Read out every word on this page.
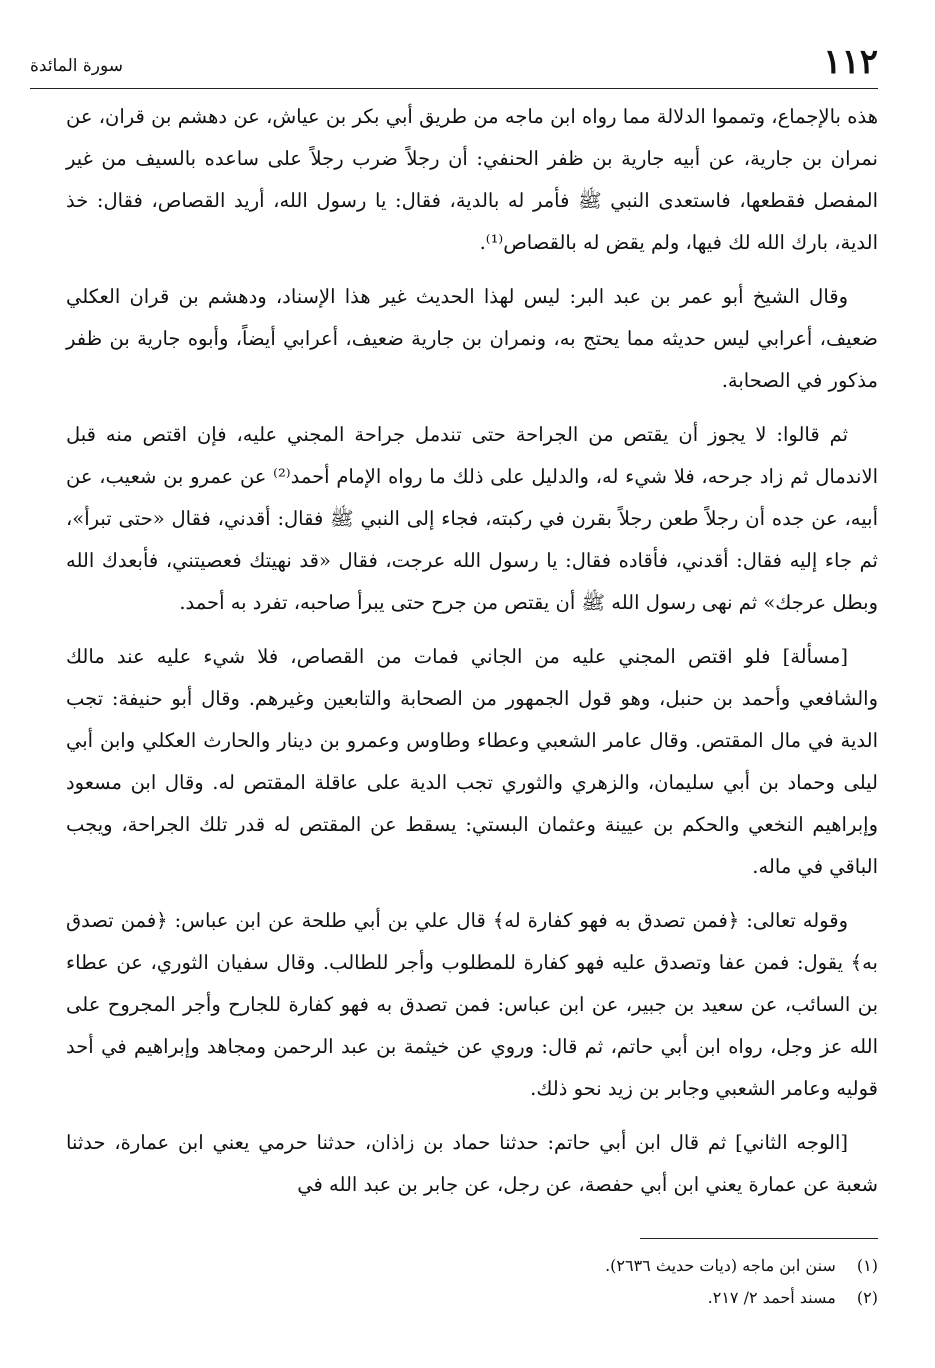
١١٢
سورة المائدة

هذه بالإجماع، وتمموا الدلالة مما رواه ابن ماجه من طريق أبي بكر بن عياش، عن دهشم بن قران، عن نمران بن جارية، عن أبيه جارية بن ظفر الحنفي: أن رجلاً ضرب رجلاً على ساعده بالسيف من غير المفصل فقطعها، فاستعدى النبي ﷺ فأمر له بالدية، فقال: يا رسول الله، أريد القصاص، فقال: خذ الدية، بارك الله لك فيها، ولم يقض له بالقصاص⁽¹⁾.

وقال الشيخ أبو عمر بن عبد البر: ليس لهذا الحديث غير هذا الإسناد، ودهشم بن قران العكلي ضعيف، أعرابي ليس حديثه مما يحتج به، ونمران بن جارية ضعيف، أعرابي أيضاً، وأبوه جارية بن ظفر مذكور في الصحابة.

ثم قالوا: لا يجوز أن يقتص من الجراحة حتى تندمل جراحة المجني عليه، فإن اقتص منه قبل الاندمال ثم زاد جرحه، فلا شيء له، والدليل على ذلك ما رواه الإمام أحمد⁽²⁾ عن عمرو بن شعيب، عن أبيه، عن جده أن رجلاً طعن رجلاً بقرن في ركبته، فجاء إلى النبي ﷺ فقال: أقدني، فقال «حتى تبرأ»، ثم جاء إليه فقال: أقدني، فأقاده فقال: يا رسول الله عرجت، فقال «قد نهيتك فعصيتني، فأبعدك الله وبطل عرجك» ثم نهى رسول الله ﷺ أن يقتص من جرح حتى يبرأ صاحبه، تفرد به أحمد.

[مسألة] فلو اقتص المجني عليه من الجاني فمات من القصاص، فلا شيء عليه عند مالك والشافعي وأحمد بن حنبل، وهو قول الجمهور من الصحابة والتابعين وغيرهم. وقال أبو حنيفة: تجب الدية في مال المقتص. وقال عامر الشعبي وعطاء وطاوس وعمرو بن دينار والحارث العكلي وابن أبي ليلى وحماد بن أبي سليمان، والزهري والثوري تجب الدية على عاقلة المقتص له. وقال ابن مسعود وإبراهيم النخعي والحكم بن عيينة وعثمان البستي: يسقط عن المقتص له قدر تلك الجراحة، ويجب الباقي في ماله.

وقوله تعالى: ﴿فمن تصدق به فهو كفارة له﴾ قال علي بن أبي طلحة عن ابن عباس: ﴿فمن تصدق به﴾ يقول: فمن عفا وتصدق عليه فهو كفارة للمطلوب وأجر للطالب. وقال سفيان الثوري، عن عطاء بن السائب، عن سعيد بن جبير، عن ابن عباس: فمن تصدق به فهو كفارة للجارح وأجر المجروح على الله عز وجل، رواه ابن أبي حاتم، ثم قال: وروي عن خيثمة بن عبد الرحمن ومجاهد وإبراهيم في أحد قوليه وعامر الشعبي وجابر بن زيد نحو ذلك.

[الوجه الثاني] ثم قال ابن أبي حاتم: حدثنا حماد بن زاذان، حدثنا حرمي يعني ابن عمارة، حدثنا شعبة عن عمارة يعني ابن أبي حفصة، عن رجل، عن جابر بن عبد الله في

(١) سنن ابن ماجه (ديات حديث ٢٦٣٦).
(٢) مسند أحمد ٢/ ٢١٧.
